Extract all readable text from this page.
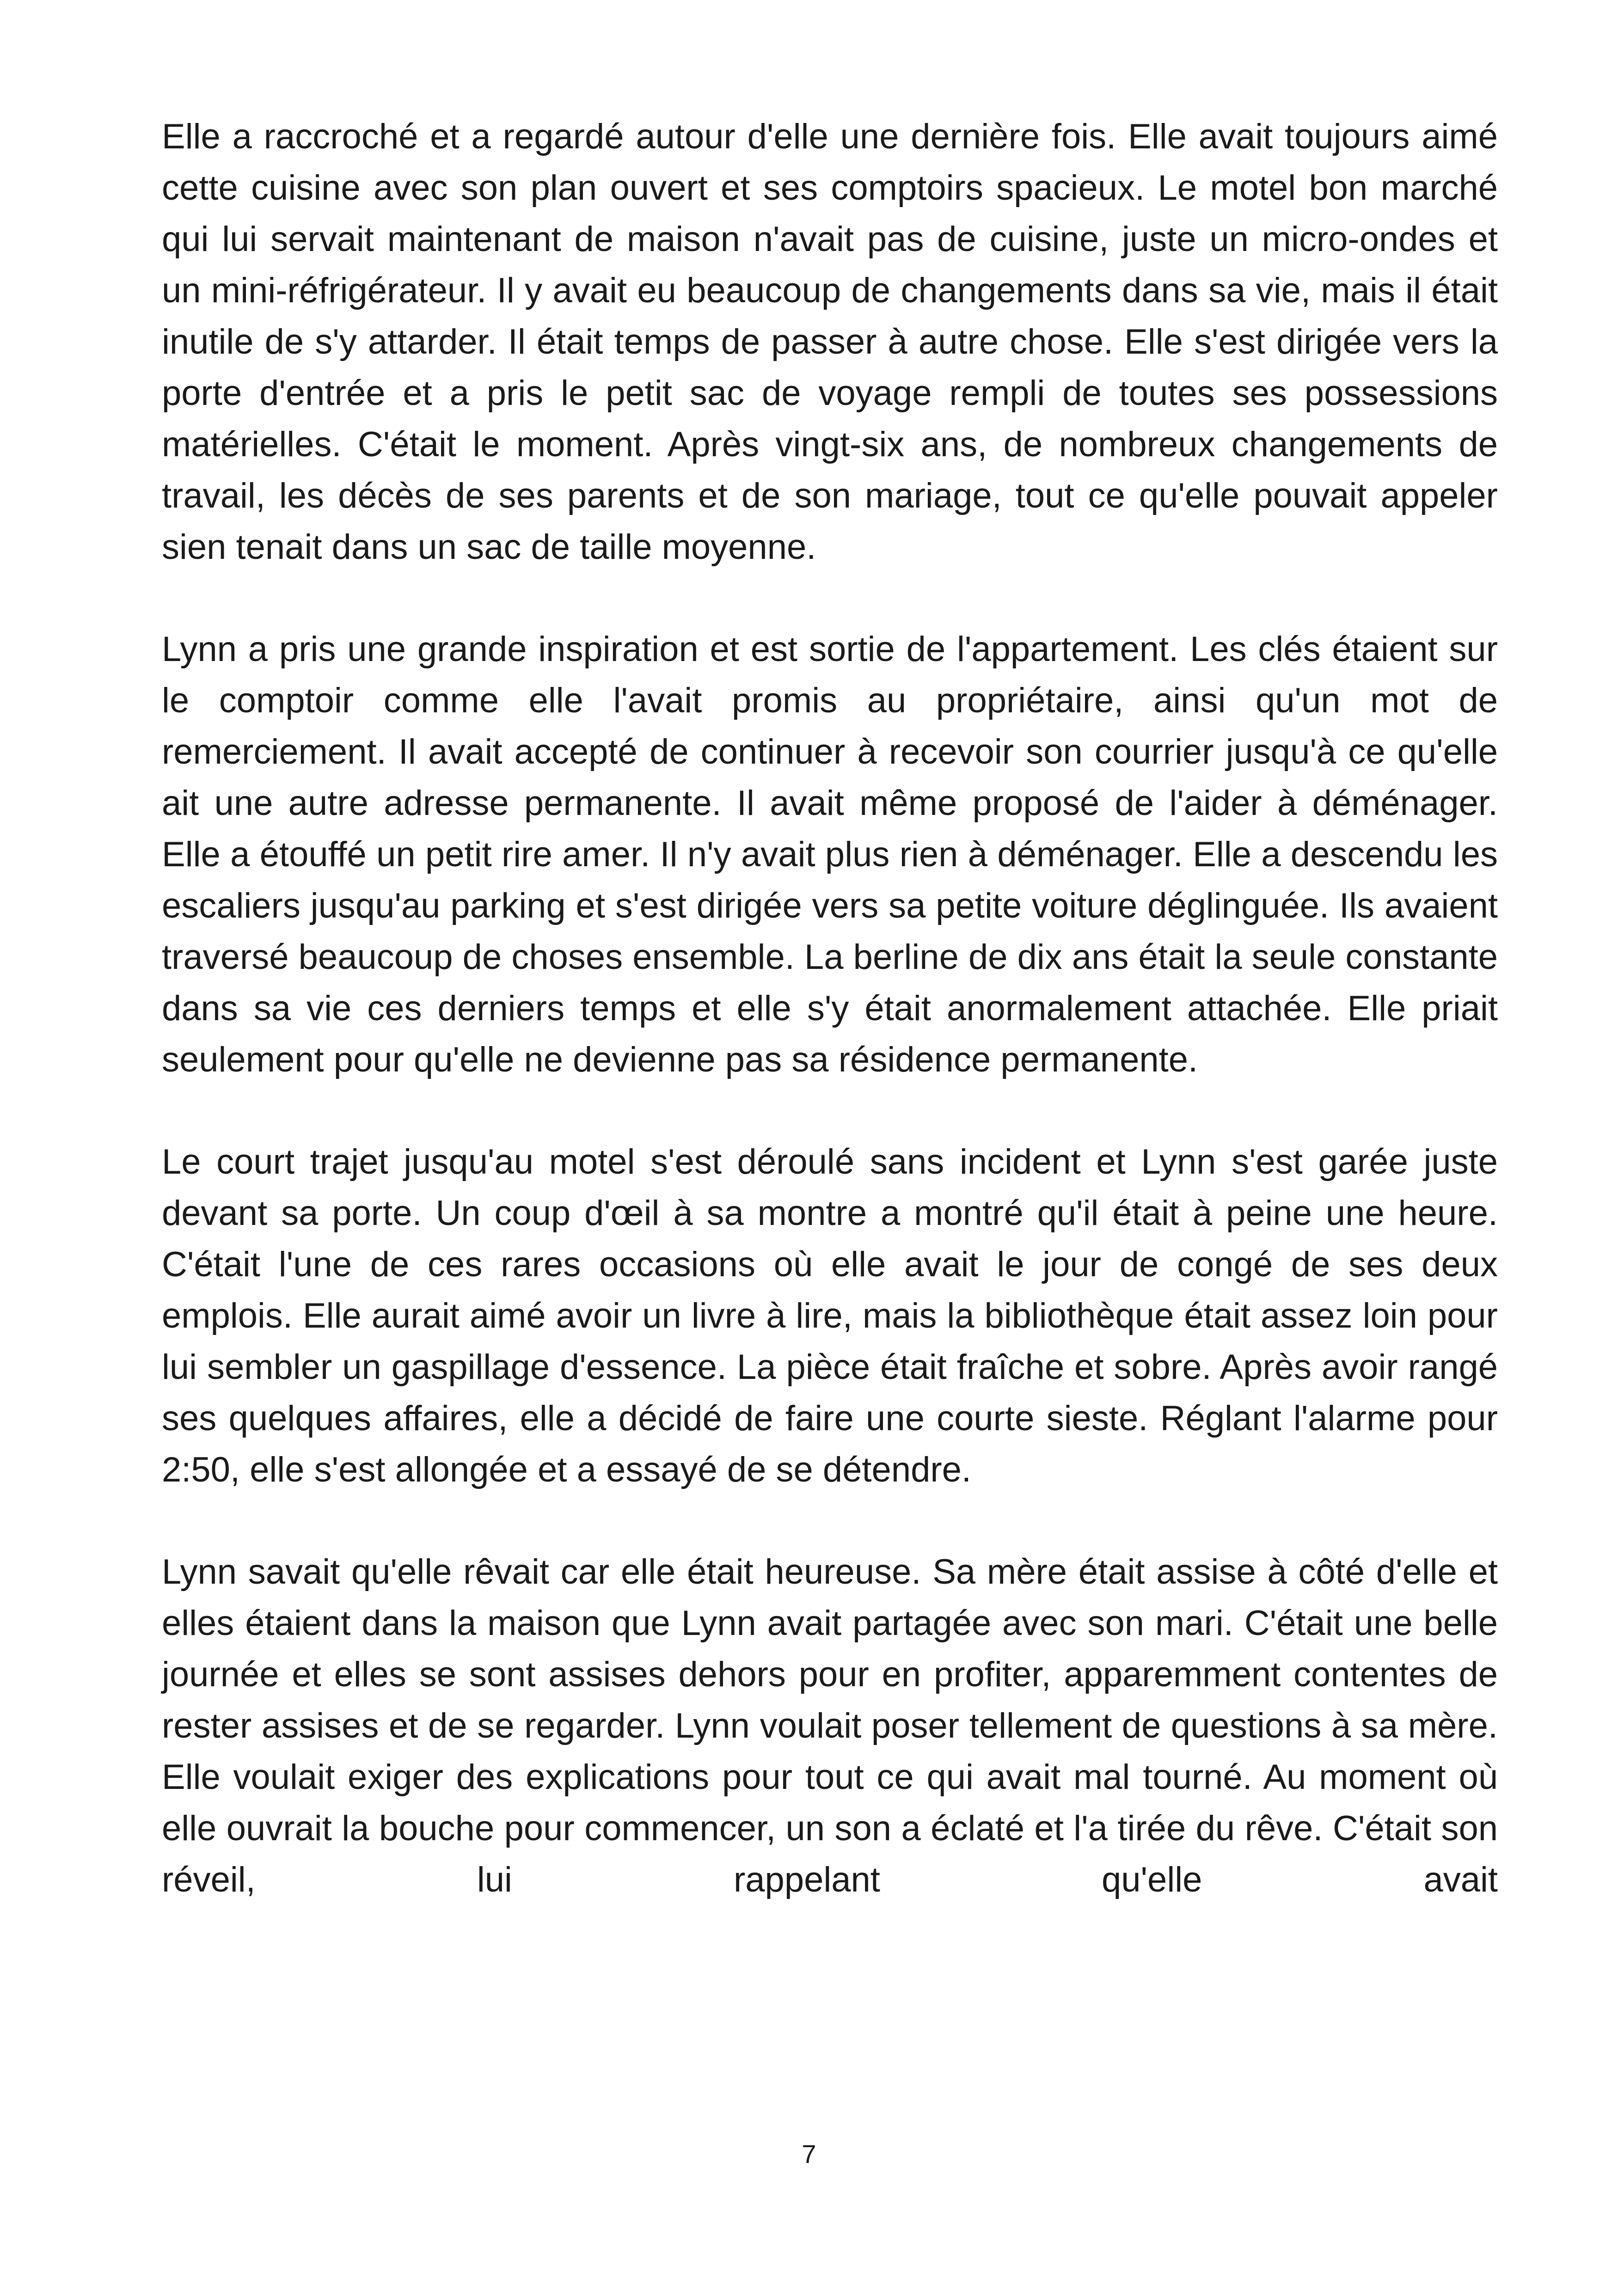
Elle a raccroché et a regardé autour d'elle une dernière fois. Elle avait toujours aimé cette cuisine avec son plan ouvert et ses comptoirs spacieux. Le motel bon marché qui lui servait maintenant de maison n'avait pas de cuisine, juste un micro-ondes et un mini-réfrigérateur. Il y avait eu beaucoup de changements dans sa vie, mais il était inutile de s'y attarder. Il était temps de passer à autre chose. Elle s'est dirigée vers la porte d'entrée et a pris le petit sac de voyage rempli de toutes ses possessions matérielles. C'était le moment. Après vingt-six ans, de nombreux changements de travail, les décès de ses parents et de son mariage, tout ce qu'elle pouvait appeler sien tenait dans un sac de taille moyenne.

Lynn a pris une grande inspiration et est sortie de l'appartement. Les clés étaient sur le comptoir comme elle l'avait promis au propriétaire, ainsi qu'un mot de remerciement. Il avait accepté de continuer à recevoir son courrier jusqu'à ce qu'elle ait une autre adresse permanente. Il avait même proposé de l'aider à déménager. Elle a étouffé un petit rire amer. Il n'y avait plus rien à déménager. Elle a descendu les escaliers jusqu'au parking et s'est dirigée vers sa petite voiture déglinguée. Ils avaient traversé beaucoup de choses ensemble. La berline de dix ans était la seule constante dans sa vie ces derniers temps et elle s'y était anormalement attachée. Elle priait seulement pour qu'elle ne devienne pas sa résidence permanente.

Le court trajet jusqu'au motel s'est déroulé sans incident et Lynn s'est garée juste devant sa porte. Un coup d'œil à sa montre a montré qu'il était à peine une heure. C'était l'une de ces rares occasions où elle avait le jour de congé de ses deux emplois. Elle aurait aimé avoir un livre à lire, mais la bibliothèque était assez loin pour lui sembler un gaspillage d'essence. La pièce était fraîche et sobre. Après avoir rangé ses quelques affaires, elle a décidé de faire une courte sieste. Réglant l'alarme pour 2:50, elle s'est allongée et a essayé de se détendre.

Lynn savait qu'elle rêvait car elle était heureuse. Sa mère était assise à côté d'elle et elles étaient dans la maison que Lynn avait partagée avec son mari. C'était une belle journée et elles se sont assises dehors pour en profiter, apparemment contentes de rester assises et de se regarder. Lynn voulait poser tellement de questions à sa mère. Elle voulait exiger des explications pour tout ce qui avait mal tourné. Au moment où elle ouvrait la bouche pour commencer, un son a éclaté et l'a tirée du rêve. C'était son réveil, lui rappelant qu'elle avait

7
